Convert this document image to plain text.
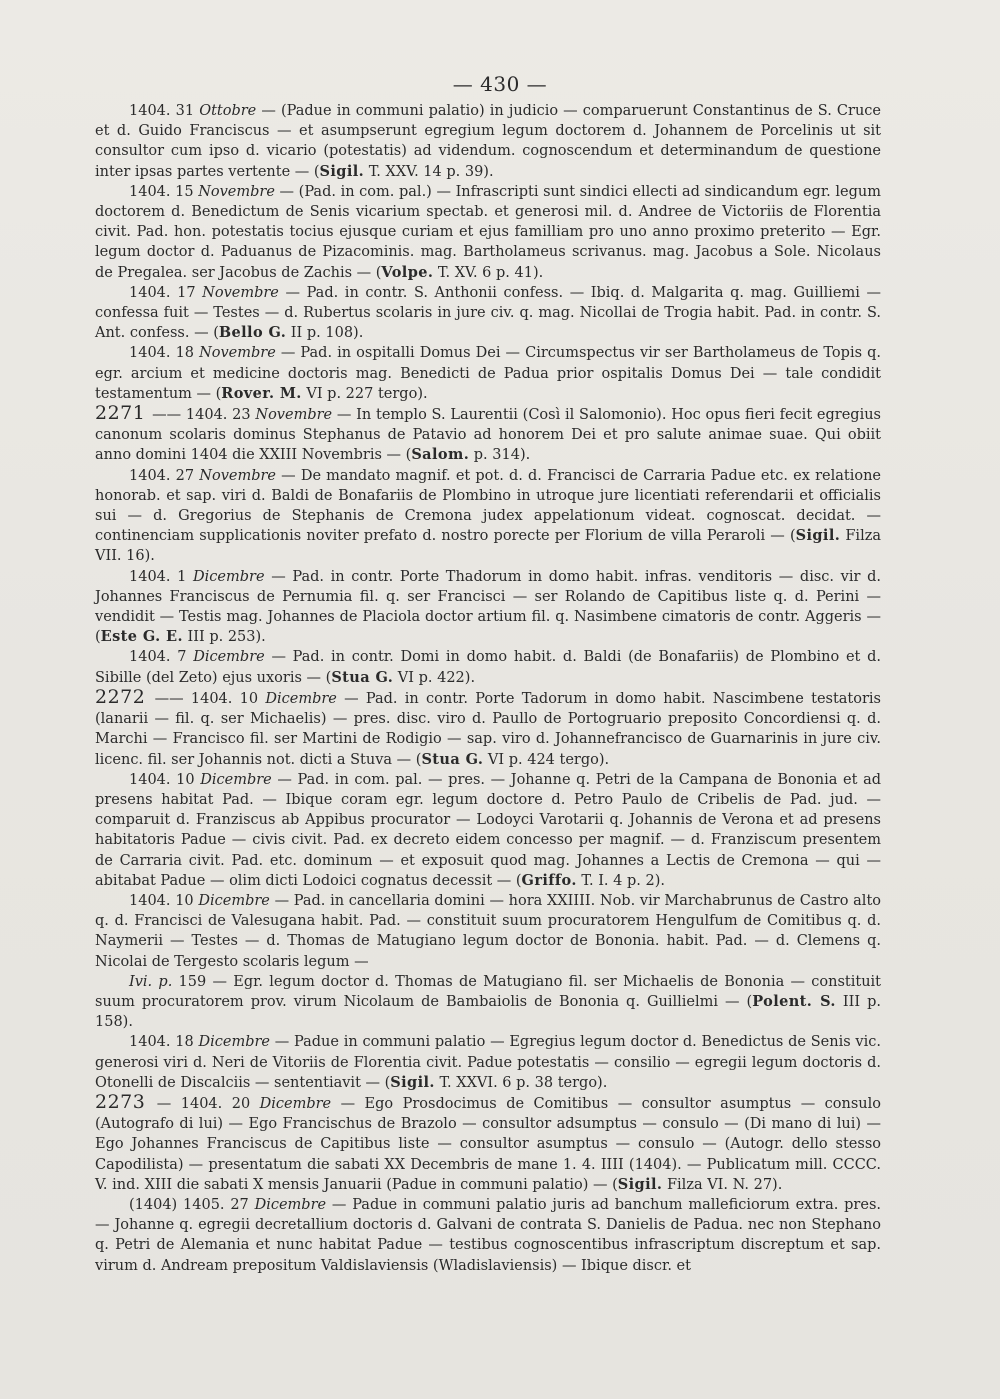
— 430 —

1404. 31 Ottobre — (Padue in communi palatio) in judicio — comparuerunt Constantinus de S. Cruce et d. Guido Franciscus — et asumpserunt egregium legum doctorem d. Johannem de Porcelinis ut sit consultor cum ipso d. vicario (potestatis) ad videndum. cognoscendum et determinandum de questione inter ipsas partes vertente — (Sigil. T. XXV. 14 p. 39).

1404. 15 Novembre — (Pad. in com. pal.) — Infrascripti sunt sindici ellecti ad sindicandum egr. legum doctorem d. Benedictum de Senis vicarium spectab. et generosi mil. d. Andree de Victoriis de Florentia civit. Pad. hon. potestatis tocius ejusque curiam et ejus familliam pro uno anno proximo preterito — Egr. legum doctor d. Paduanus de Pizacominis. mag. Bartholameus scrivanus. mag. Jacobus a Sole. Nicolaus de Pregalea. ser Jacobus de Zachis — (Volpe. T. XV. 6 p. 41).

1404. 17 Novembre — Pad. in contr. S. Anthonii confess. — Ibiq. d. Malgarita q. mag. Guilliemi — confessa fuit — Testes — d. Rubertus scolaris in jure civ. q. mag. Nicollai de Trogia habit. Pad. in contr. S. Ant. confess. — (Bello G. II p. 108).

1404. 18 Novembre — Pad. in ospitalli Domus Dei — Circumspectus vir ser Bartholameus de Topis q. egr. arcium et medicine doctoris mag. Benedicti de Padua prior ospitalis Domus Dei — tale condidit testamentum — (Rover. M. VI p. 227 tergo).

2271 —— 1404. 23 Novembre — In templo S. Laurentii (Così il Salomonio). Hoc opus fieri fecit egregius canonum scolaris dominus Stephanus de Patavio ad honorem Dei et pro salute animae suae. Qui obiit anno domini 1404 die XXIII Novembris — (Salom. p. 314).

1404. 27 Novembre — De mandato magnif. et pot. d. d. Francisci de Carraria Padue etc. ex relatione honorab. et sap. viri d. Baldi de Bonafariis de Plombino in utroque jure licentiati referendarii et officialis sui — d. Gregorius de Stephanis de Cremona judex appelationum videat. cognoscat. decidat. — continenciam supplicationis noviter prefato d. nostro porecte per Florium de villa Peraroli — (Sigil. Filza VII. 16).

1404. 1 Dicembre — Pad. in contr. Porte Thadorum in domo habit. infras. venditoris — disc. vir d. Johannes Franciscus de Pernumia fil. q. ser Francisci — ser Rolando de Capitibus liste q. d. Perini — vendidit — Testis mag. Johannes de Placiola doctor artium fil. q. Nasimbene cimatoris de contr. Aggeris — (Este G. E. III p. 253).

1404. 7 Dicembre — Pad. in contr. Domi in domo habit. d. Baldi (de Bonafariis) de Plombino et d. Sibille (del Zeto) ejus uxoris — (Stua G. VI p. 422).

2272 —— 1404. 10 Dicembre — Pad. in contr. Porte Tadorum in domo habit. Nascimbene testatoris (lanarii — fil. q. ser Michaelis) — pres. disc. viro d. Paullo de Portogruario preposito Concordiensi q. d. Marchi — Francisco fil. ser Martini de Rodigio — sap. viro d. Johannefrancisco de Guarnarinis in jure civ. licenc. fil. ser Johannis not. dicti a Stuva — (Stua G. VI p. 424 tergo).

1404. 10 Dicembre — Pad. in com. pal. — pres. — Johanne q. Petri de la Campana de Bononia et ad presens habitat Pad. — Ibique coram egr. legum doctore d. Petro Paulo de Cribelis de Pad. jud. — comparuit d. Franziscus ab Appibus procurator — Lodoyci Varotarii q. Johannis de Verona et ad presens habitatoris Padue — civis civit. Pad. ex decreto eidem concesso per magnif. — d. Franziscum presentem de Carraria civit. Pad. etc. dominum — et exposuit quod mag. Johannes a Lectis de Cremona — qui — abitabat Padue — olim dicti Lodoici cognatus decessit — (Griffo. T. I. 4 p. 2).

1404. 10 Dicembre — Pad. in cancellaria domini — hora XXIIII. Nob. vir Marchabrunus de Castro alto q. d. Francisci de Valesugana habit. Pad. — constituit suum procuratorem Hengulfum de Comitibus q. d. Naymerii — Testes — d. Thomas de Matugiano legum doctor de Bononia. habit. Pad. — d. Clemens q. Nicolai de Tergesto scolaris legum —

Ivi. p. 159 — Egr. legum doctor d. Thomas de Matugiano fil. ser Michaelis de Bononia — constituit suum procuratorem prov. virum Nicolaum de Bambaiolis de Bononia q. Guillielmi — (Polent. S. III p. 158).

1404. 18 Dicembre — Padue in communi palatio — Egregius legum doctor d. Benedictus de Senis vic. generosi viri d. Neri de Vitoriis de Florentia civit. Padue potestatis — consilio — egregii legum doctoris d. Otonelli de Discalciis — sententiavit — (Sigil. T. XXVI. 6 p. 38 tergo).

2273 — 1404. 20 Dicembre — Ego Prosdocimus de Comitibus — consultor asumptus — consulo (Autografo di lui) — Ego Francischus de Brazolo — consultor adsumptus — consulo — (Di mano di lui) — Ego Johannes Franciscus de Capitibus liste — consultor asumptus — consulo — (Autogr. dello stesso Capodilista) — presentatum die sabati XX Decembris de mane 1. 4. IIII (1404). — Publicatum mill. CCCC. V. ind. XIII die sabati X mensis Januarii (Padue in communi palatio) — (Sigil. Filza VI. N. 27).

(1404) 1405. 27 Dicembre — Padue in communi palatio juris ad banchum malleficiorum extra. pres. — Johanne q. egregii decretallium doctoris d. Galvani de contrata S. Danielis de Padua. nec non Stephano q. Petri de Alemania et nunc habitat Padue — testibus cognoscentibus infrascriptum discreptum et sap. virum d. Andream prepositum Valdislaviensis (Wladislaviensis) — Ibique discr. et
